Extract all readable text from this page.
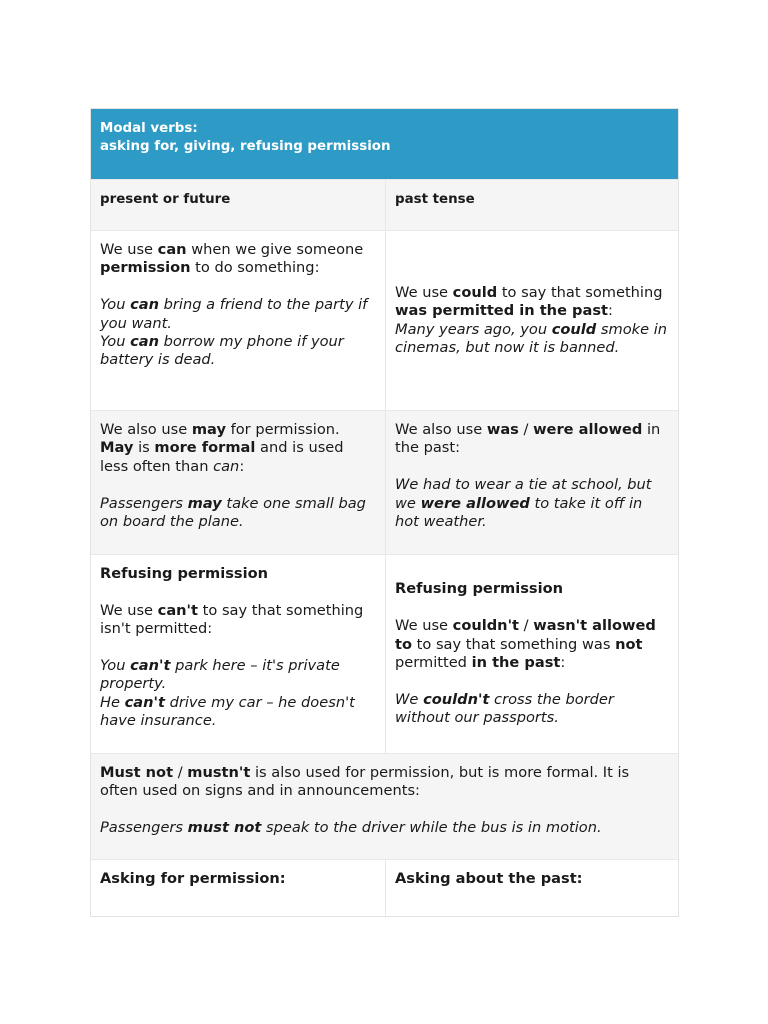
Modal verbs:
asking for, giving, refusing permission
present or future	past tense

We use can when we give someone permission to do something:

You can bring a friend to the party if you want.

You can borrow my phone if your battery is dead.

We use could to say that something was permitted in the past:

Many years ago, you could smoke in cinemas, but now it is banned.

We also use may for permission.

May is more formal and is used less often than can:

Passengers may take one small bag on board the plane.

We also use was / were allowed in the past:

We had to wear a tie at school, but we were allowed to take it off in hot weather.

Refusing permission

We use can't to say that something isn't permitted:

You can't park here – it's private property.

He can't drive my car – he doesn't have insurance.

Refusing permission

We use couldn't / wasn't allowed to to say that something was not permitted in the past:

We couldn't cross the border without our passports.

Must not / mustn't is also used for permission, but is more formal. It is often used on signs and in announcements:

Passengers must not speak to the driver while the bus is in motion.

Asking for permission:	Asking about the past:
